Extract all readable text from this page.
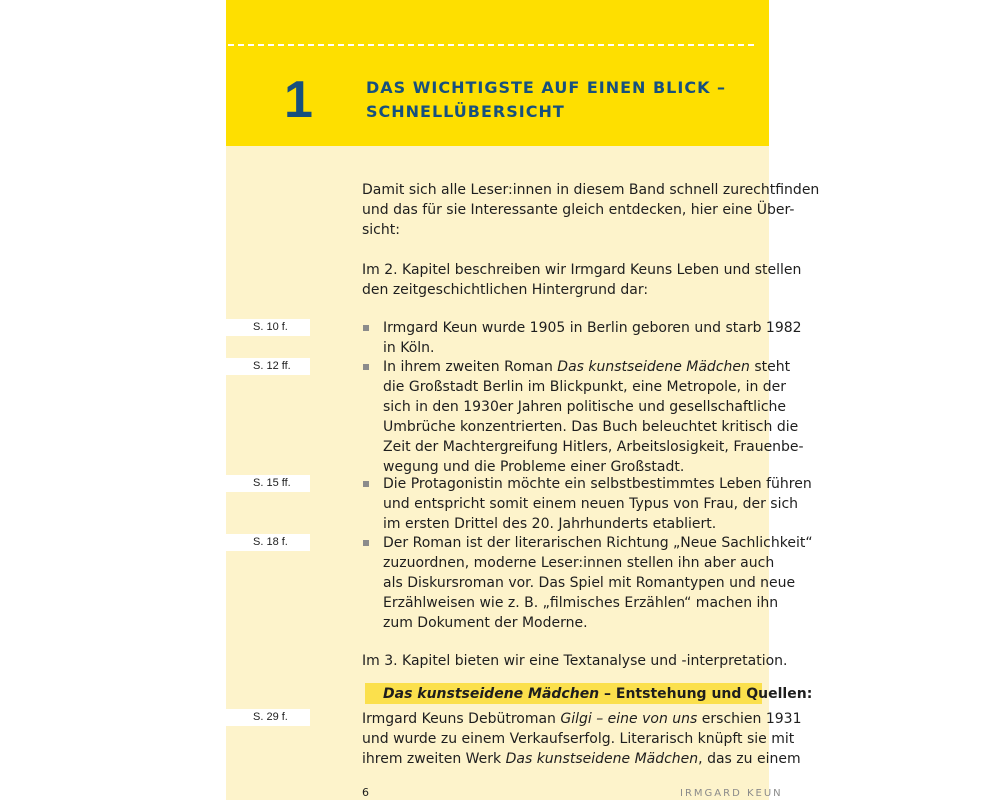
1	DAS WICHTIGSTE AUF EINEN BLICK –
SCHNELLÜBERSICHT
Damit sich alle Leser:innen in diesem Band schnell zurechtfinden
und das für sie Interessante gleich entdecken, hier eine Über-
sicht:
Im 2. Kapitel beschreiben wir Irmgard Keuns Leben und stellen
den zeitgeschichtlichen Hintergrund dar:
S. 10 f.
S. 12 ff.
S. 15 ff.
S. 18 f.
S. 29 f.
Irmgard Keun wurde 1905 in Berlin geboren und starb 1982
in Köln.
In ihrem zweiten Roman Das kunstseidene Mädchen steht
die Großstadt Berlin im Blickpunkt, eine Metropole, in der
sich in den 1930er Jahren politische und gesellschaftliche
Umbrüche konzentrierten. Das Buch beleuchtet kritisch die
Zeit der Machtergreifung Hitlers, Arbeitslosigkeit, Frauenbe-
wegung und die Probleme einer Großstadt.
Die Protagonistin möchte ein selbstbestimmtes Leben führen
und entspricht somit einem neuen Typus von Frau, der sich
im ersten Drittel des 20. Jahrhunderts etabliert.
Der Roman ist der literarischen Richtung „Neue Sachlichkeit“
zuzuordnen, moderne Leser:innen stellen ihn aber auch
als Diskursroman vor. Das Spiel mit Romantypen und neue
Erzählweisen wie z. B. „filmisches Erzählen“ machen ihn
zum Dokument der Moderne.
Im 3. Kapitel bieten wir eine Textanalyse und -interpretation.
Das kunstseidene Mädchen – Entstehung und Quellen:
Irmgard Keuns Debütroman Gilgi – eine von uns erschien 1931
und wurde zu einem Verkaufserfolg. Literarisch knüpft sie mit
ihrem zweiten Werk Das kunstseidene Mädchen, das zu einem
6	IRMGARD KEUN
